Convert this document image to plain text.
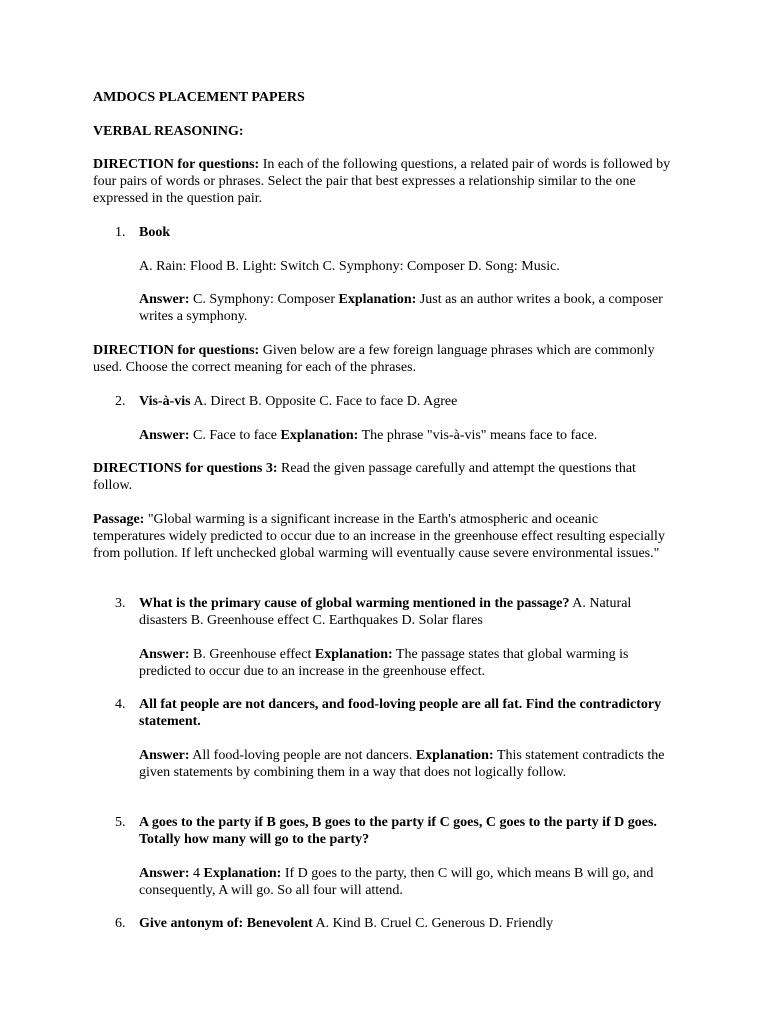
AMDOCS PLACEMENT PAPERS

VERBAL REASONING:

DIRECTION for questions: In each of the following questions, a related pair of words is followed by four pairs of words or phrases. Select the pair that best expresses a relationship similar to the one expressed in the question pair.

1. Book

A. Rain: Flood B. Light: Switch C. Symphony: Composer D. Song: Music.

Answer: C. Symphony: Composer Explanation: Just as an author writes a book, a composer writes a symphony.

DIRECTION for questions: Given below are a few foreign language phrases which are commonly used. Choose the correct meaning for each of the phrases.

2. Vis-à-vis A. Direct B. Opposite C. Face to face D. Agree

Answer: C. Face to face Explanation: The phrase "vis-à-vis" means face to face.

DIRECTIONS for questions 3: Read the given passage carefully and attempt the questions that follow.

Passage: "Global warming is a significant increase in the Earth's atmospheric and oceanic temperatures widely predicted to occur due to an increase in the greenhouse effect resulting especially from pollution. If left unchecked global warming will eventually cause severe environmental issues."

3. What is the primary cause of global warming mentioned in the passage? A. Natural disasters B. Greenhouse effect C. Earthquakes D. Solar flares

Answer: B. Greenhouse effect Explanation: The passage states that global warming is predicted to occur due to an increase in the greenhouse effect.

4. All fat people are not dancers, and food-loving people are all fat. Find the contradictory statement.

Answer: All food-loving people are not dancers. Explanation: This statement contradicts the given statements by combining them in a way that does not logically follow.

5. A goes to the party if B goes, B goes to the party if C goes, C goes to the party if D goes. Totally how many will go to the party?

Answer: 4 Explanation: If D goes to the party, then C will go, which means B will go, and consequently, A will go. So all four will attend.

6. Give antonym of: Benevolent A. Kind B. Cruel C. Generous D. Friendly
